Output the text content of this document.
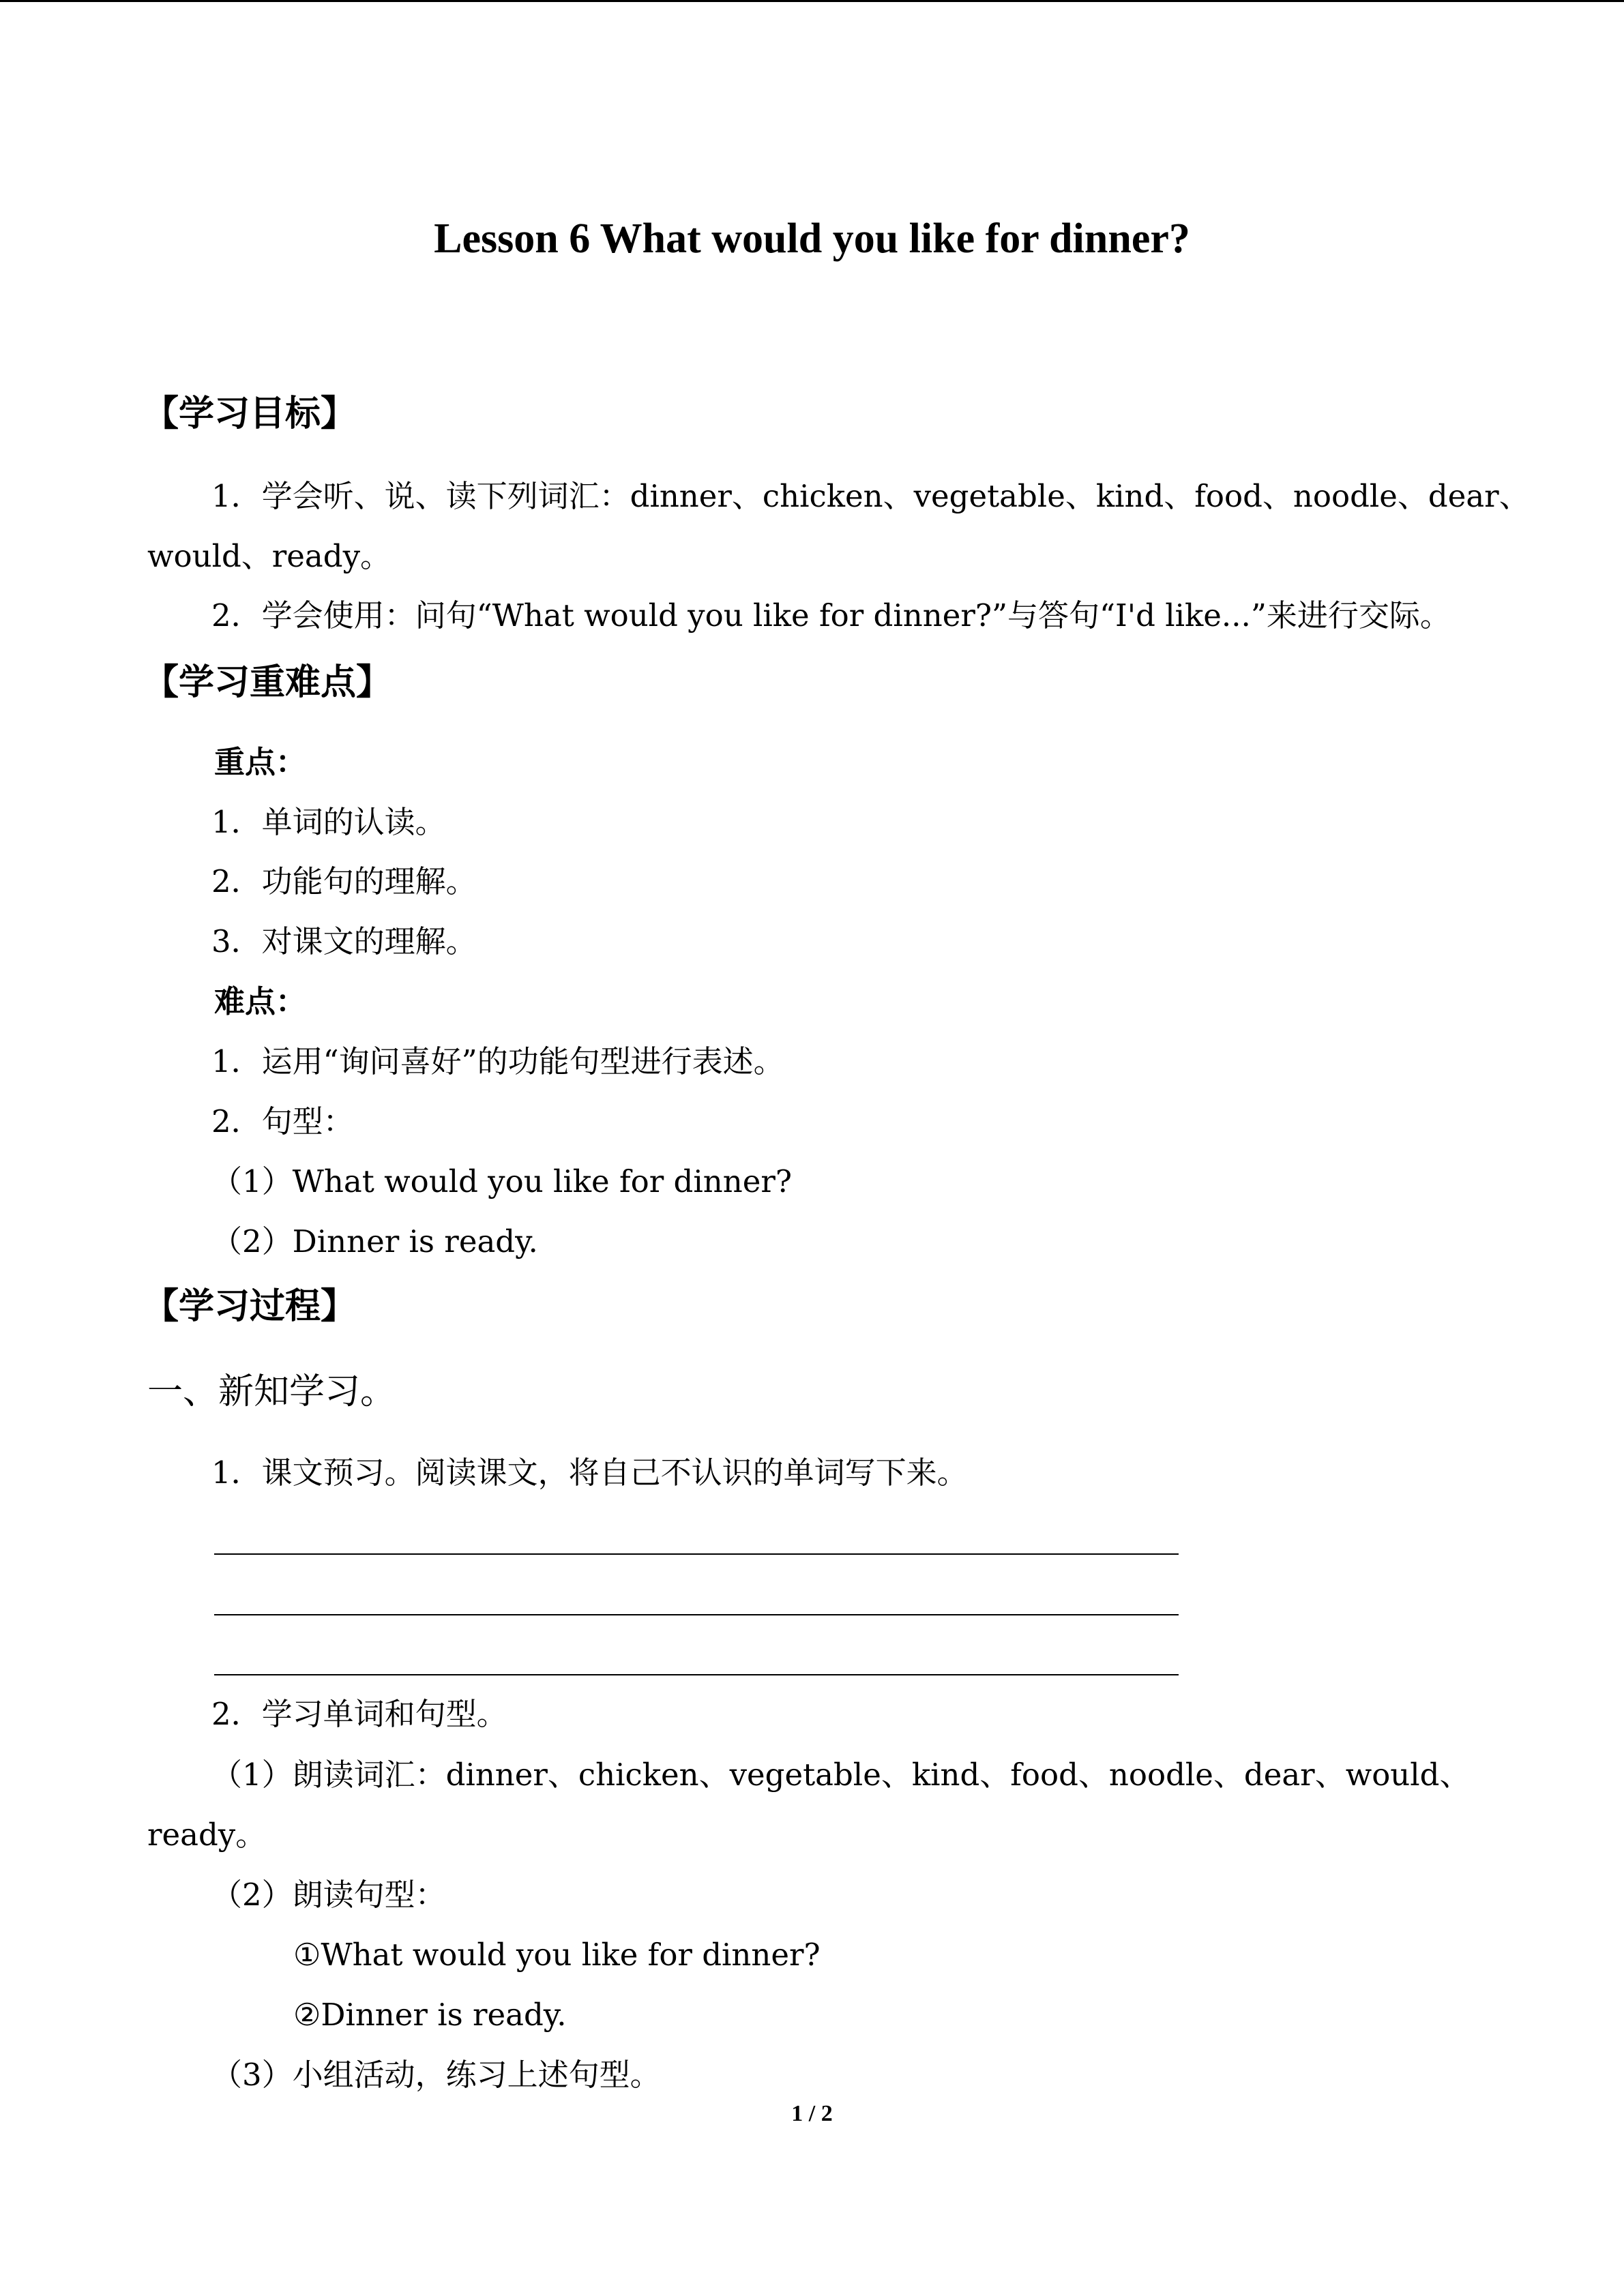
Lesson 6 What would you like for dinner?
【学习目标】
1．学会听、说、读下列词汇：dinner、chicken、vegetable、kind、food、noodle、dear、
would、ready。
2．学会使用：问句“What would you like for dinner?”与答句“I'd like...”来进行交际。
【学习重难点】
重点：
1．单词的认读。
2．功能句的理解。
3．对课文的理解。
难点：
1．运用“询问喜好”的功能句型进行表述。
2．句型：
（1）What would you like for dinner?
（2）Dinner is ready.
【学习过程】
一、新知学习。
1．课文预习。阅读课文，将自己不认识的单词写下来。
2．学习单词和句型。
（1）朗读词汇：dinner、chicken、vegetable、kind、food、noodle、dear、would、
ready。
（2）朗读句型：
①What would you like for dinner?
②Dinner is ready.
（3）小组活动，练习上述句型。
1 / 2
